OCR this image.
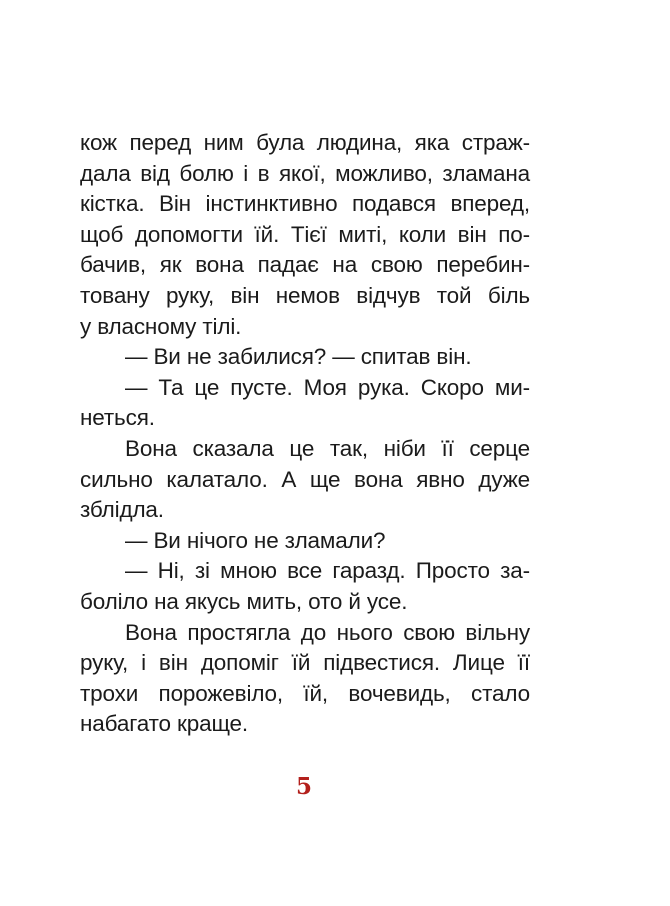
кож перед ним була людина, яка страж-
дала від болю і в якої, можливо, зламана
кістка. Він інстинктивно подався вперед,
щоб допомогти їй. Тієї миті, коли він по-
бачив, як вона падає на свою перебин-
товану руку, він немов відчув той біль
у власному тілі.
— Ви не забилися? — спитав він.
— Та це пусте. Моя рука. Скоро ми-
неться.
Вона сказала це так, ніби її серце
сильно калатало. А ще вона явно дуже
зблідла.
— Ви нічого не зламали?
— Ні, зі мною все гаразд. Просто за-
боліло на якусь мить, ото й усе.
Вона простягла до нього свою вільну
руку, і він допоміг їй підвестися. Лице її
трохи порожевіло, їй, вочевидь, стало
набагато краще.
5
